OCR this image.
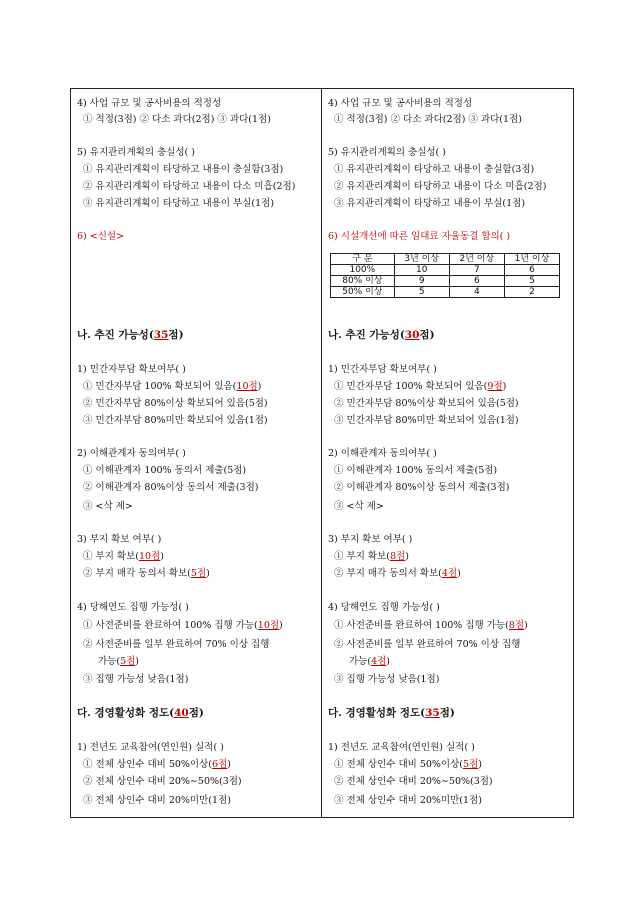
4) 사업 규모 및 공사비용의 적정성
① 적정(3점) ② 다소 과다(2점) ③ 과다(1점)
5) 유지관리계획의 충실성( )
① 유지관리계획이 타당하고 내용이 충실함(3점)
② 유지관리계획이 타당하고 내용이 다소 미흡(2점)
③ 유지관리계획이 타당하고 내용이 부실(1점)
6) <신설>
나. 추진 가능성(35점)
1) 민간자부담 확보여부( )
① 민간자부담 100% 확보되어 있음(10점)
② 민간자부담 80%이상 확보되어 있음(5점)
③ 민간자부담 80%미만 확보되어 있음(1점)
2) 이해관계자 동의여부( )
① 이해관계자 100% 동의서 제출(5점)
② 이해관계자 80%이상 동의서 제출(3점)
③ <삭 제>
3) 부지 확보 여부( )
① 부지 확보(10점)
② 부지 매각 동의서 확보(5점)
4) 당해연도 집행 가능성( )
① 사전준비를 완료하여 100% 집행 가능(10점)
② 사전준비를 일부 완료하여 70% 이상 집행
가능(5점)
③ 집행 가능성 낮음(1점)
다. 경영활성화 정도(40점)
1) 전년도 교육참여(연인원) 실적( )
① 전체 상인수 대비 50%이상(6점)
② 전체 상인수 대비 20%∼50%(3점)
③ 전체 상인수 대비 20%미만(1점)
4) 사업 규모 및 공사비용의 적정성
① 적정(3점) ② 다소 과다(2점) ③ 과다(1점)
5) 유지관리계획의 충실성( )
① 유지관리계획이 타당하고 내용이 충실함(3점)
② 유지관리계획이 타당하고 내용이 다소 미흡(2점)
③ 유지관리계획이 타당하고 내용이 부실(1점)
6) 시설개선에 따른 임대료 자율동결 합의( )
구 분	3년 이상	2년 이상	1년 이상
100%	10	7	6
80% 이상	9	6	5
50% 이상	5	4	2
나. 추진 가능성(30점)
1) 민간자부담 확보여부( )
① 민간자부담 100% 확보되어 있음(9점)
② 민간자부담 80%이상 확보되어 있음(5점)
③ 민간자부담 80%미만 확보되어 있음(1점)
2) 이해관계자 동의여부( )
① 이해관계자 100% 동의서 제출(5점)
② 이해관계자 80%이상 동의서 제출(3점)
③ <삭 제>
3) 부지 확보 여부( )
① 부지 확보(8점)
② 부지 매각 동의서 확보(4점)
4) 당해연도 집행 가능성( )
① 사전준비를 완료하여 100% 집행 가능(8점)
② 사전준비를 일부 완료하여 70% 이상 집행
가능(4점)
③ 집행 가능성 낮음(1점)
다. 경영활성화 정도(35점)
1) 전년도 교육참여(연인원) 실적( )
① 전체 상인수 대비 50%이상(5점)
② 전체 상인수 대비 20%∼50%(3점)
③ 전체 상인수 대비 20%미만(1점)
